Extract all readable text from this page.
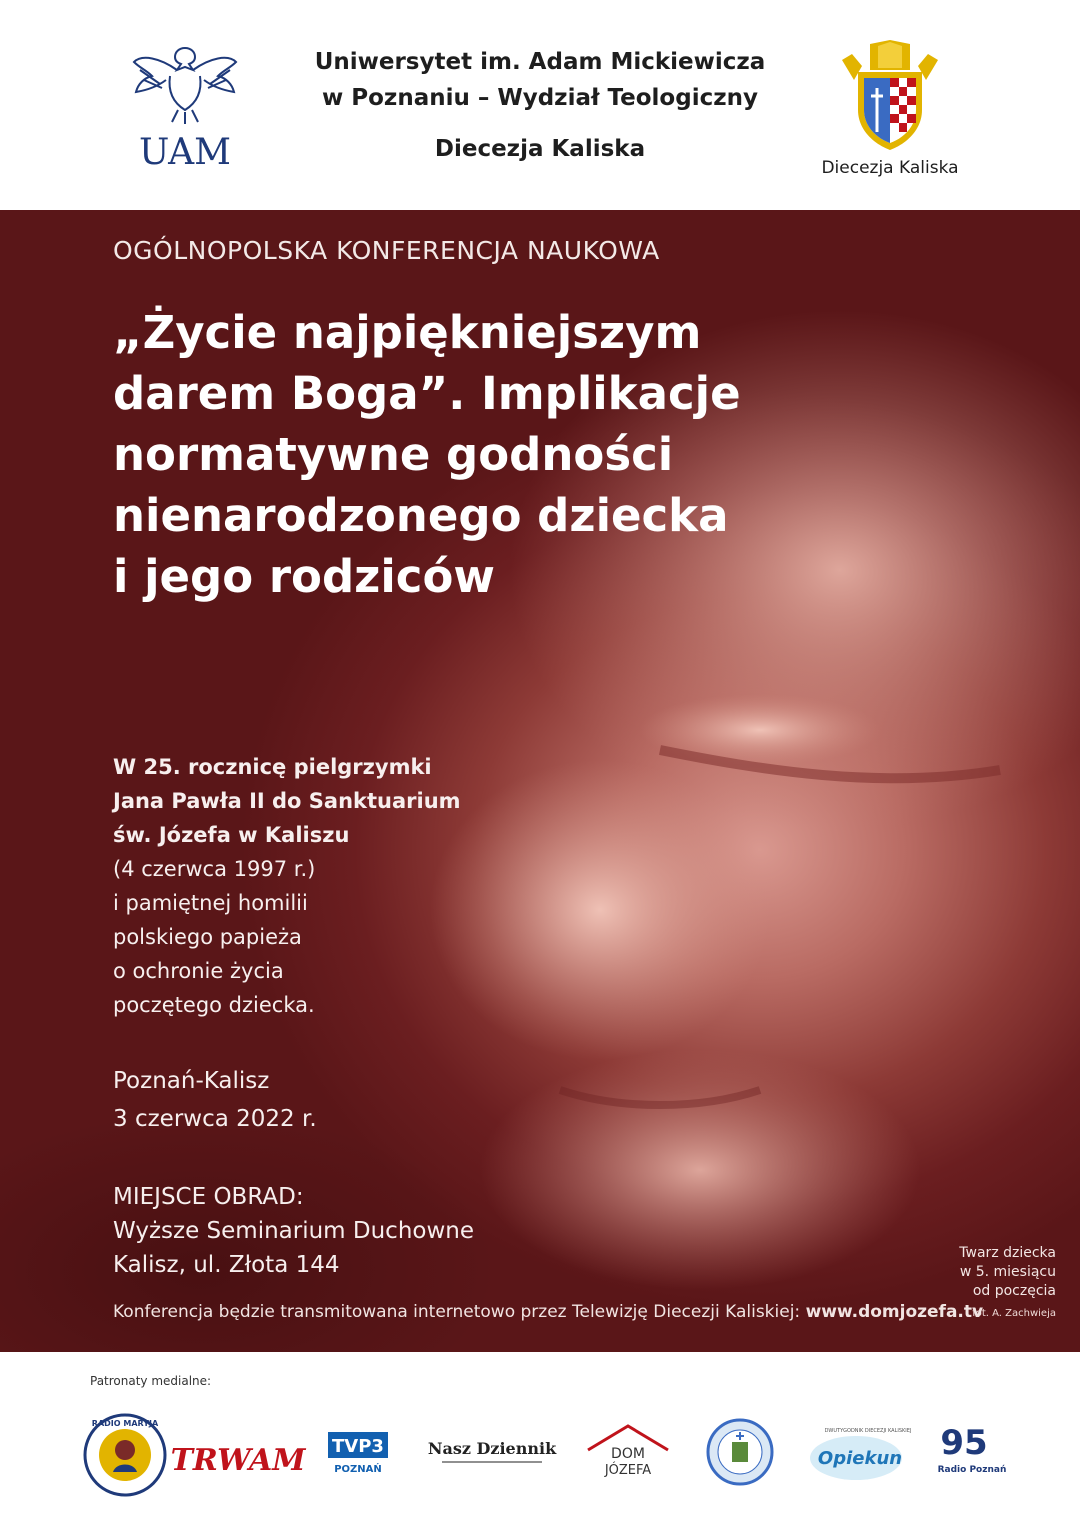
UAM
Uniwersytet im. Adam Mickiewicza
w Poznaniu – Wydział Teologiczny
Diecezja Kaliska
Diecezja Kaliska
OGÓLNOPOLSKA KONFERENCJA NAUKOWA
„Życie najpiękniejszym
darem Boga”. Implikacje
normatywne godności
nienarodzonego dziecka
i jego rodziców
W 25. rocznicę pielgrzymki
Jana Pawła II do Sanktuarium
św. Józefa w Kaliszu
(4 czerwca 1997 r.)
i pamiętnej homilii
polskiego papieża
o ochronie życia
poczętego dziecka.
Poznań-Kalisz
3 czerwca 2022 r.
MIEJSCE OBRAD:
Wyższe Seminarium Duchowne
Kalisz, ul. Złota 144	Twarz dziecka
w 5. miesiącu
od poczęcia
fot. A. Zachwieja
Konferencja będzie transmitowana internetowo przez Telewizję Diecezji Kaliskiej: www.domjozefa.tv
Patronaty medialne:
RADIO MARYJA
TRWAM TVP3
POZNAŃ
Nasz Dziennik	DOM
JÓZEFA
DWUTYGODNIK DIECEZJI KALISKIEJ
Opiekun 95
Radio Poznań
